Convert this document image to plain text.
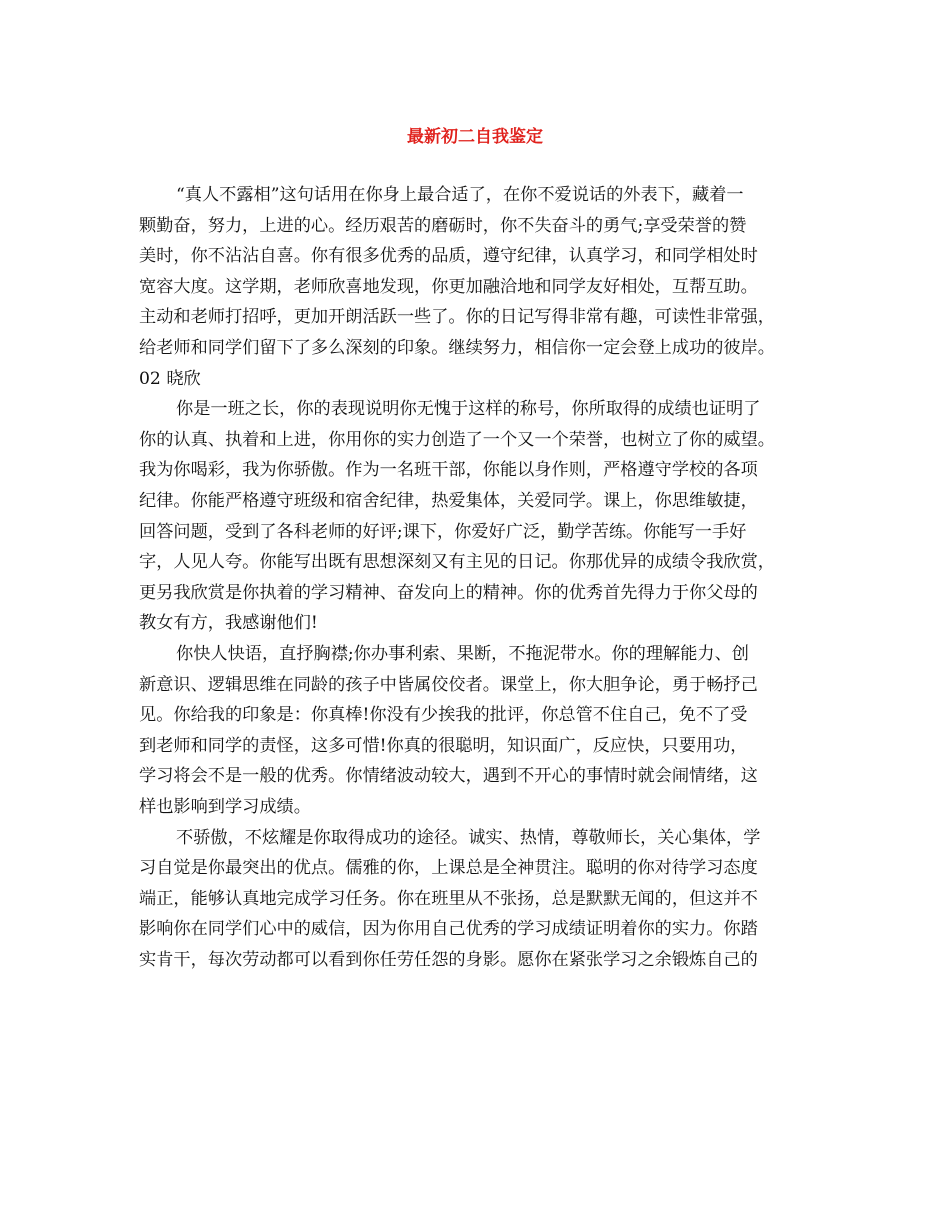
最新初二自我鉴定
“真人不露相”这句话用在你身上最合适了，在你不爱说话的外表下，藏着一
颗勤奋，努力，上进的心。经历艰苦的磨砺时，你不失奋斗的勇气;享受荣誉的赞
美时，你不沾沾自喜。你有很多优秀的品质，遵守纪律，认真学习，和同学相处时
宽容大度。这学期，老师欣喜地发现，你更加融洽地和同学友好相处，互帮互助。
主动和老师打招呼，更加开朗活跃一些了。你的日记写得非常有趣，可读性非常强，
给老师和同学们留下了多么深刻的印象。继续努力，相信你一定会登上成功的彼岸。
02 晓欣
你是一班之长，你的表现说明你无愧于这样的称号，你所取得的成绩也证明了
你的认真、执着和上进，你用你的实力创造了一个又一个荣誉，也树立了你的威望。
我为你喝彩，我为你骄傲。作为一名班干部，你能以身作则，严格遵守学校的各项
纪律。你能严格遵守班级和宿舍纪律，热爱集体，关爱同学。课上，你思维敏捷，
回答问题，受到了各科老师的好评;课下，你爱好广泛，勤学苦练。你能写一手好
字，人见人夸。你能写出既有思想深刻又有主见的日记。你那优异的成绩令我欣赏，
更另我欣赏是你执着的学习精神、奋发向上的精神。你的优秀首先得力于你父母的
教女有方，我感谢他们!
你快人快语，直抒胸襟;你办事利索、果断，不拖泥带水。你的理解能力、创
新意识、逻辑思维在同龄的孩子中皆属佼佼者。课堂上，你大胆争论，勇于畅抒己
见。你给我的印象是：你真棒!你没有少挨我的批评，你总管不住自己，免不了受
到老师和同学的责怪，这多可惜!你真的很聪明，知识面广，反应快，只要用功，
学习将会不是一般的优秀。你情绪波动较大，遇到不开心的事情时就会闹情绪，这
样也影响到学习成绩。
不骄傲，不炫耀是你取得成功的途径。诚实、热情，尊敬师长，关心集体，学
习自觉是你最突出的优点。儒雅的你，上课总是全神贯注。聪明的你对待学习态度
端正，能够认真地完成学习任务。你在班里从不张扬，总是默默无闻的，但这并不
影响你在同学们心中的威信，因为你用自己优秀的学习成绩证明着你的实力。你踏
实肯干，每次劳动都可以看到你任劳任怨的身影。愿你在紧张学习之余锻炼自己的
